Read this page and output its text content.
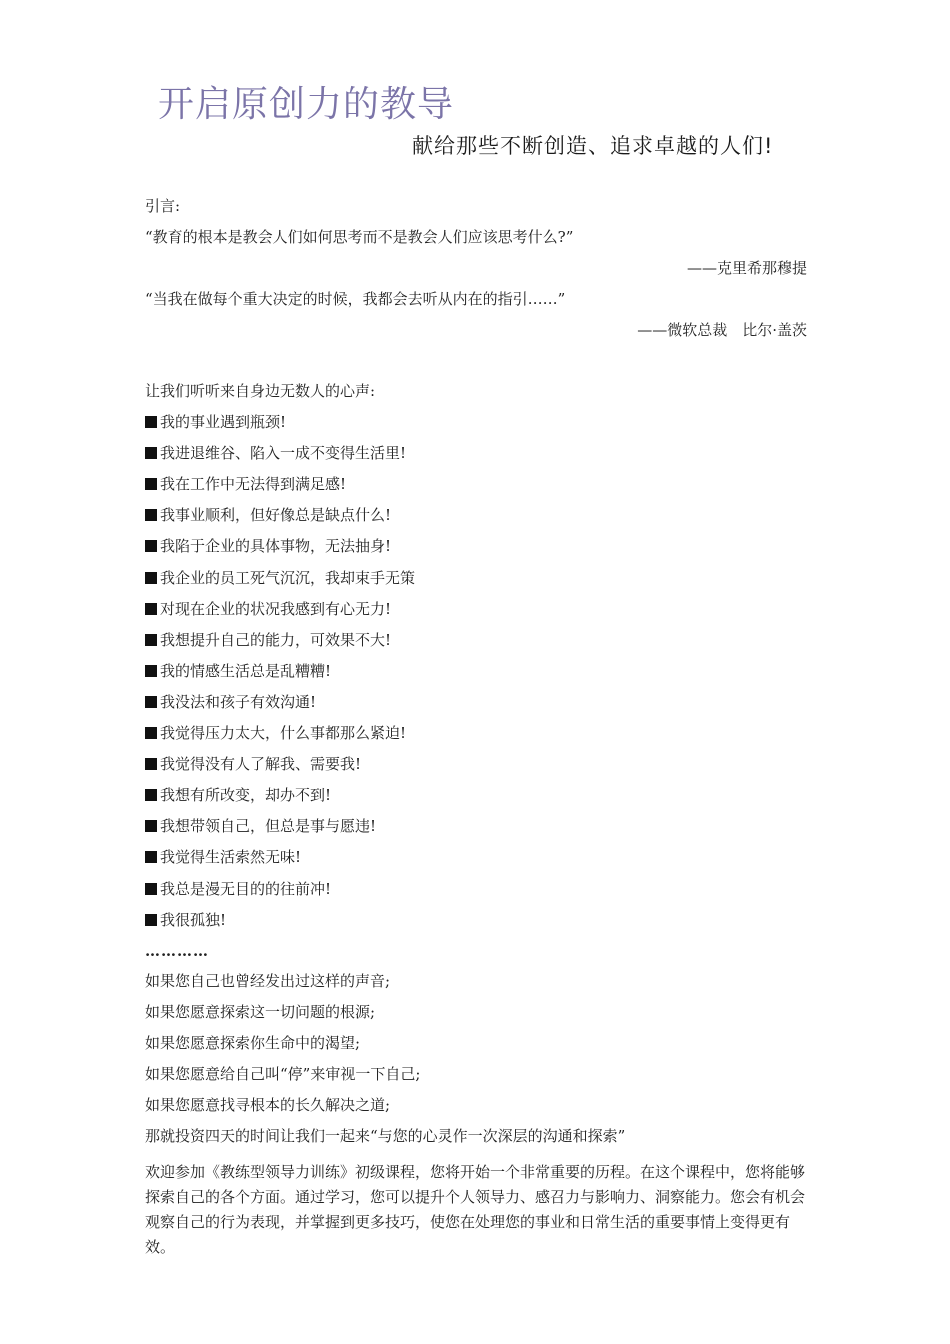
开启原创力的教导
献给那些不断创造、追求卓越的人们!
引言:
“教育的根本是教会人们如何思考而不是教会人们应该思考什么?”
——克里希那穆提
“当我在做每个重大决定的时候，我都会去听从内在的指引……”
——微软总裁　比尔·盖茨
让我们听听来自身边无数人的心声:
我的事业遇到瓶颈!
我进退维谷、陷入一成不变得生活里!
我在工作中无法得到满足感!
我事业顺利，但好像总是缺点什么!
我陷于企业的具体事物，无法抽身!
我企业的员工死气沉沉，我却束手无策
对现在企业的状况我感到有心无力!
我想提升自己的能力，可效果不大!
我的情感生活总是乱糟糟!
我没法和孩子有效沟通!
我觉得压力太大，什么事都那么紧迫!
我觉得没有人了解我、需要我!
我想有所改变，却办不到!
我想带领自己，但总是事与愿违!
我觉得生活索然无味!
我总是漫无目的的往前冲!
我很孤独!
…………
如果您自己也曾经发出过这样的声音;
如果您愿意探索这一切问题的根源;
如果您愿意探索你生命中的渴望;
如果您愿意给自己叫“停”来审视一下自己;
如果您愿意找寻根本的长久解决之道;
那就投资四天的时间让我们一起来“与您的心灵作一次深层的沟通和探索”
欢迎参加《教练型领导力训练》初级课程，您将开始一个非常重要的历程。在这个课程中，您将能够探索自己的各个方面。通过学习，您可以提升个人领导力、感召力与影响力、洞察能力。您会有机会观察自己的行为表现，并掌握到更多技巧，使您在处理您的事业和日常生活的重要事情上变得更有效。
